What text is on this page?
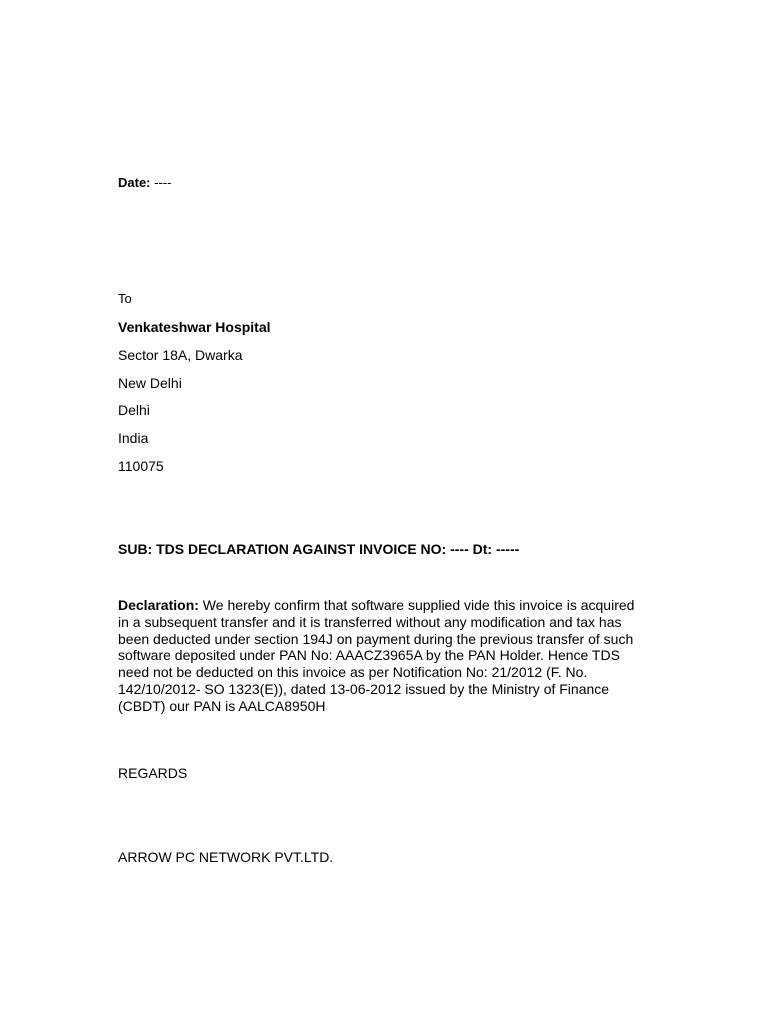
Date: ----
To
Venkateshwar Hospital
Sector 18A, Dwarka
New Delhi
Delhi
India
110075
SUB: TDS DECLARATION AGAINST INVOICE NO: ---- Dt: -----
Declaration: We hereby confirm that software supplied vide this invoice is acquired in a subsequent transfer and it is transferred without any modification and tax has been deducted under section 194J on payment during the previous transfer of such software deposited under PAN No: AAACZ3965A by the PAN Holder. Hence TDS need not be deducted on this invoice as per Notification No: 21/2012 (F. No. 142/10/2012- SO 1323(E)), dated 13-06-2012 issued by the Ministry of Finance (CBDT) our PAN is AALCA8950H
REGARDS
ARROW PC NETWORK PVT.LTD.
